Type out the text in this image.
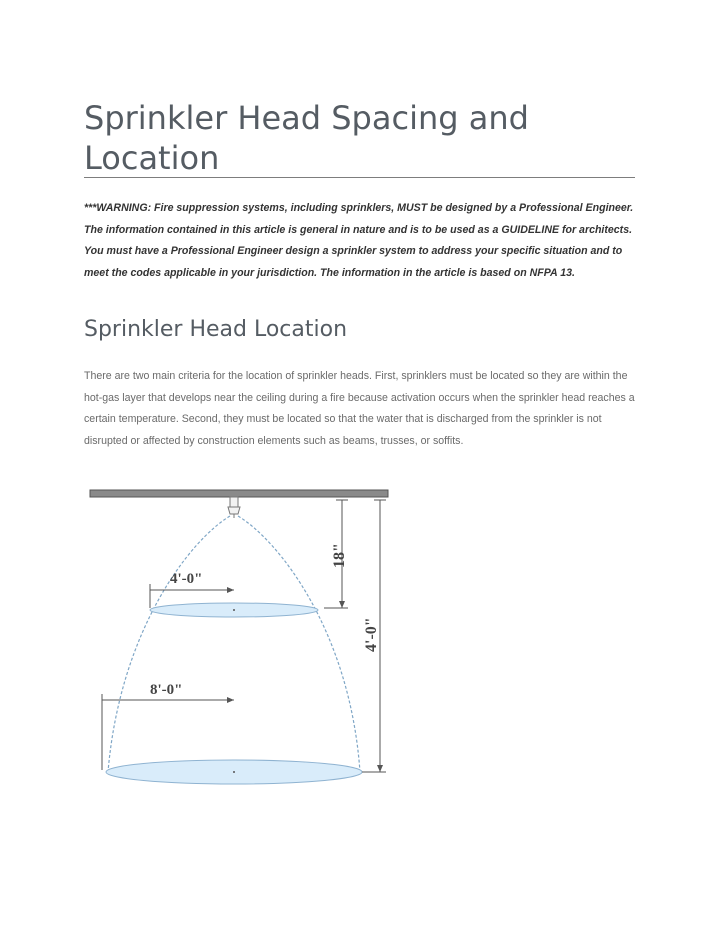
Sprinkler Head Spacing and Location

***WARNING: Fire suppression systems, including sprinklers, MUST be designed by a Professional Engineer. The information contained in this article is general in nature and is to be used as a GUIDELINE for architects. You must have a Professional Engineer design a sprinkler system to address your specific situation and to meet the codes applicable in your jurisdiction. The information in the article is based on NFPA 13.

Sprinkler Head Location

There are two main criteria for the location of sprinkler heads. First, sprinklers must be located so they are within the hot-gas layer that develops near the ceiling during a fire because activation occurs when the sprinkler head reaches a certain temperature. Second, they must be located so that the water that is discharged from the sprinkler is not disrupted or affected by construction elements such as beams, trusses, or soffits.

4'-0"
8'-0"
18"
4'-0"
